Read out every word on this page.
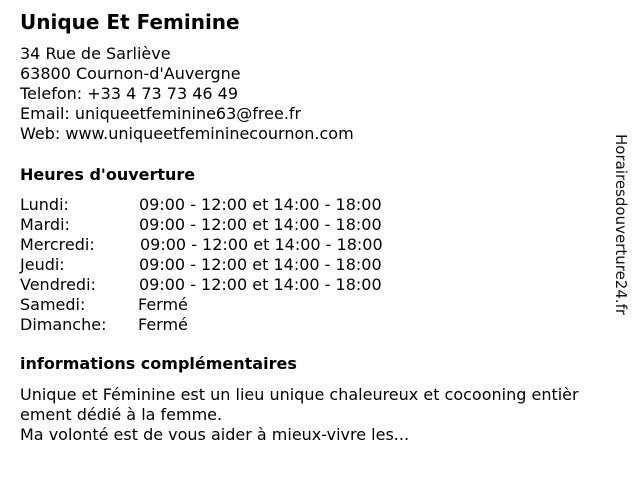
Unique Et Feminine
34 Rue de Sarliève
63800 Cournon-d'Auvergne
Telefon: +33 4 73 73 46 49
Email: uniqueetfeminine63@free.fr
Web: www.uniqueetfemininecournon.com
Heures d'ouverture
Lundi:	09:00 - 12:00 et 14:00 - 18:00
Mardi:	09:00 - 12:00 et 14:00 - 18:00
Mercredi:	09:00 - 12:00 et 14:00 - 18:00
Jeudi:	09:00 - 12:00 et 14:00 - 18:00
Vendredi:	09:00 - 12:00 et 14:00 - 18:00
Samedi:	Fermé
Dimanche: Fermé
informations complémentaires
Unique et Féminine est un lieu unique chaleureux et cocooning entièr
ement dédié à la femme.
Ma volonté est de vous aider à mieux-vivre les...
Horairesdouverture24.fr
